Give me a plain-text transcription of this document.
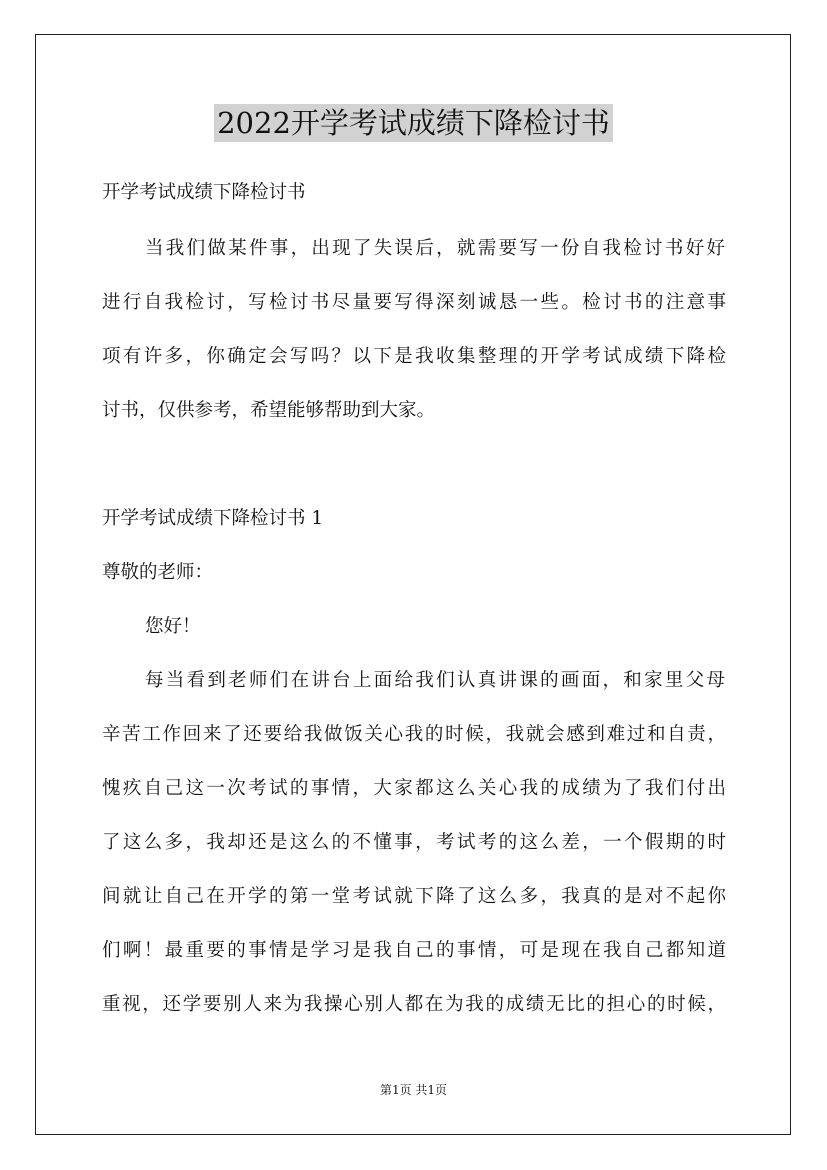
2022开学考试成绩下降检讨书
开学考试成绩下降检讨书
当我们做某件事，出现了失误后，就需要写一份自我检讨书好好
进行自我检讨，写检讨书尽量要写得深刻诚恳一些。检讨书的注意事
项有许多，你确定会写吗？以下是我收集整理的开学考试成绩下降检
讨书，仅供参考，希望能够帮助到大家。
开学考试成绩下降检讨书 1
尊敬的老师：
您好！
每当看到老师们在讲台上面给我们认真讲课的画面，和家里父母
辛苦工作回来了还要给我做饭关心我的时候，我就会感到难过和自责，
愧疚自己这一次考试的事情，大家都这么关心我的成绩为了我们付出
了这么多，我却还是这么的不懂事，考试考的这么差，一个假期的时
间就让自己在开学的第一堂考试就下降了这么多，我真的是对不起你
们啊！最重要的事情是学习是我自己的事情，可是现在我自己都知道
重视，还学要别人来为我操心别人都在为我的成绩无比的担心的时候，
第1页 共1页
